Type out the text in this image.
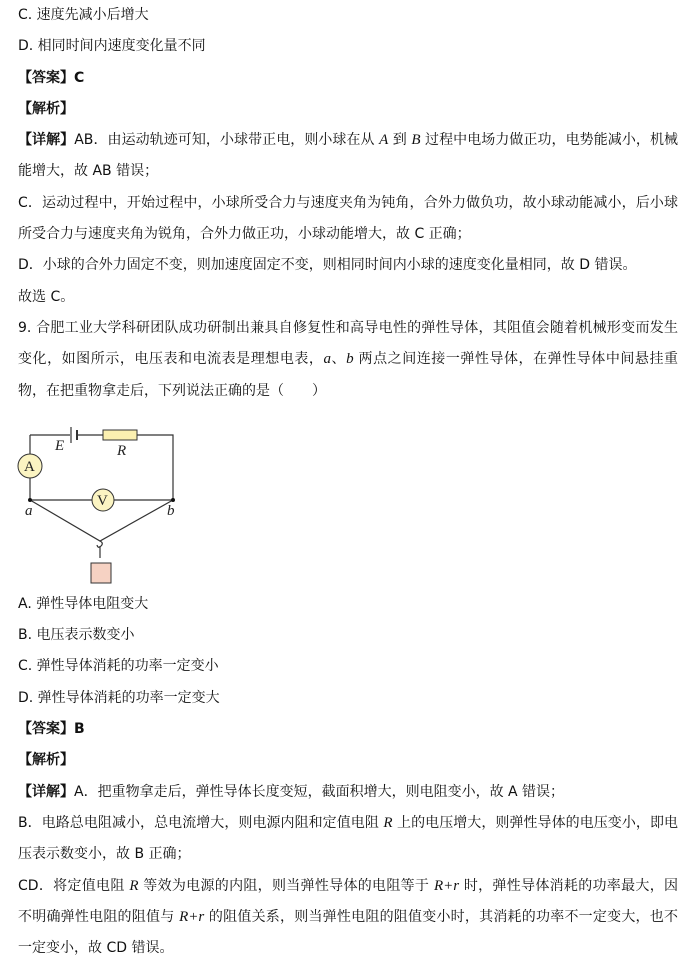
C. 速度先减小后增大

D. 相同时间内速度变化量不同

【答案】C

【解析】

【详解】AB．由运动轨迹可知，小球带正电，则小球在从 A 到 B 过程中电场力做正功，电势能减小，机械能增大，故 AB 错误；

C．运动过程中，开始过程中，小球所受合力与速度夹角为钝角，合外力做负功，故小球动能减小，后小球所受合力与速度夹角为锐角，合外力做正功，小球动能增大，故 C 正确；

D．小球的合外力固定不变，则加速度固定不变，则相同时间内小球的速度变化量相同，故 D 错误。

故选 C。

9. 合肥工业大学科研团队成功研制出兼具自修复性和高导电性的弹性导体，其阻值会随着机械形变而发生变化，如图所示，电压表和电流表是理想电表，a、b 两点之间连接一弹性导体，在弹性导体中间悬挂重物，在把重物拿走后，下列说法正确的是（　　）

E	R
A
V
a	b

A. 弹性导体电阻变大

B. 电压表示数变小

C. 弹性导体消耗的功率一定变小

D. 弹性导体消耗的功率一定变大

【答案】B

【解析】

【详解】A．把重物拿走后，弹性导体长度变短，截面积增大，则电阻变小，故 A 错误；

B．电路总电阻减小，总电流增大，则电源内阻和定值电阻 R 上的电压增大，则弹性导体的电压变小，即电压表示数变小，故 B 正确；

CD．将定值电阻 R 等效为电源的内阻，则当弹性导体的电阻等于 R+r 时，弹性导体消耗的功率最大，因不明确弹性电阻的阻值与 R+r 的阻值关系，则当弹性电阻的阻值变小时，其消耗的功率不一定变大，也不一定变小，故 CD 错误。
